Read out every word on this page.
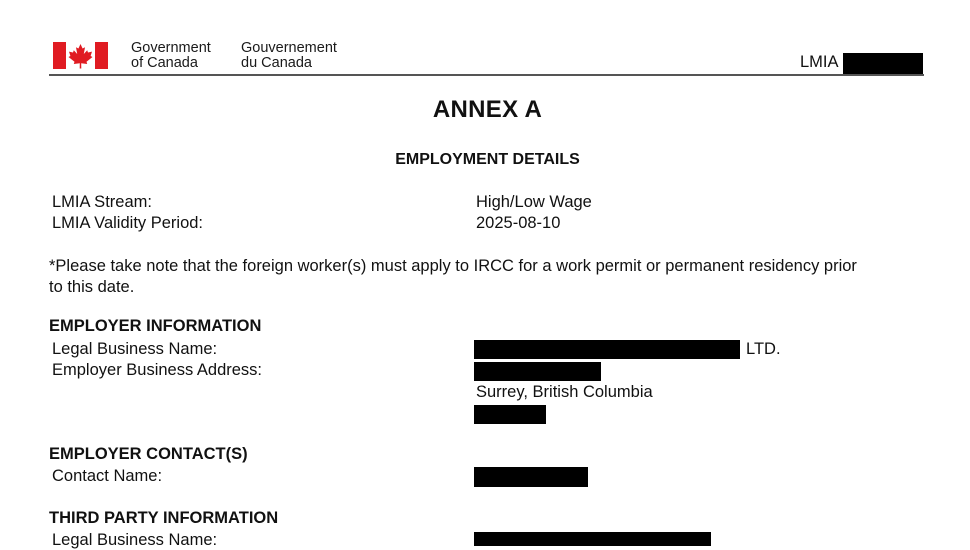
Government
of Canada
Gouvernement
du Canada	LMIA
ANNEX A
EMPLOYMENT DETAILS
LMIA Stream:	High/Low Wage
LMIA Validity Period:	2025-08-10
*Please take note that the foreign worker(s) must apply to IRCC for a work permit or permanent residency prior
to this date.
EMPLOYER INFORMATION
Legal Business Name:	LTD.
Employer Business Address:
Surrey, British Columbia
EMPLOYER CONTACT(S)
Contact Name:
THIRD PARTY INFORMATION
Legal Business Name:
